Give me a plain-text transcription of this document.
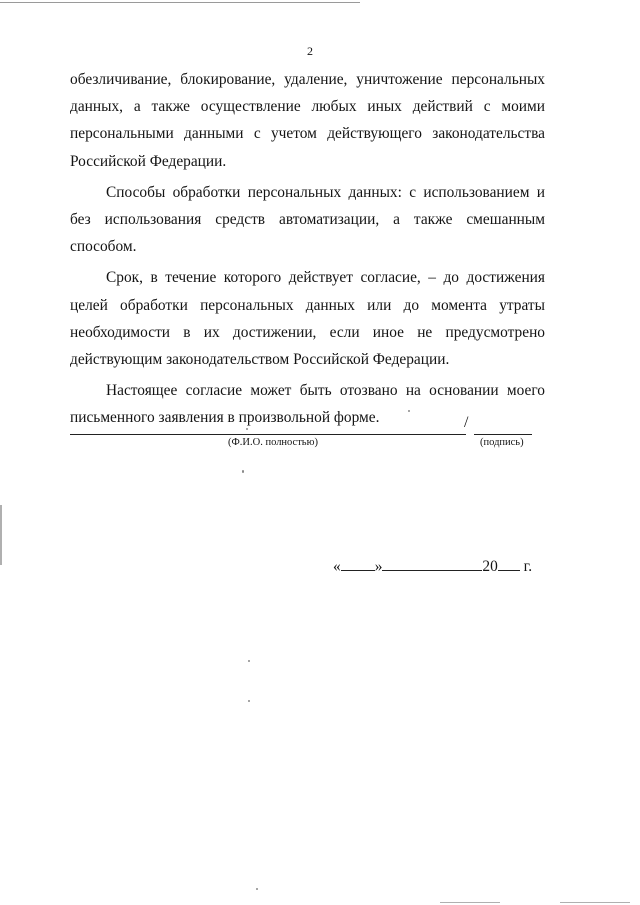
2

обезличивание, блокирование, удаление, уничтожение персональных данных, а также осуществление любых иных действий с моими персональными данными с учетом действующего законодательства Российской Федерации.

Способы обработки персональных данных: с использованием и без использования средств автоматизации, а также смешанным способом.

Срок, в течение которого действует согласие, – до достижения целей обработки персональных данных или до момента утраты необходимости в их достижении, если иное не предусмотрено действующим законодательством Российской Федерации.

Настоящее согласие может быть отозвано на основании моего письменного заявления в произвольной форме.	/
(Ф.И.О. полностью)	(подпись)
« »	20 г.
